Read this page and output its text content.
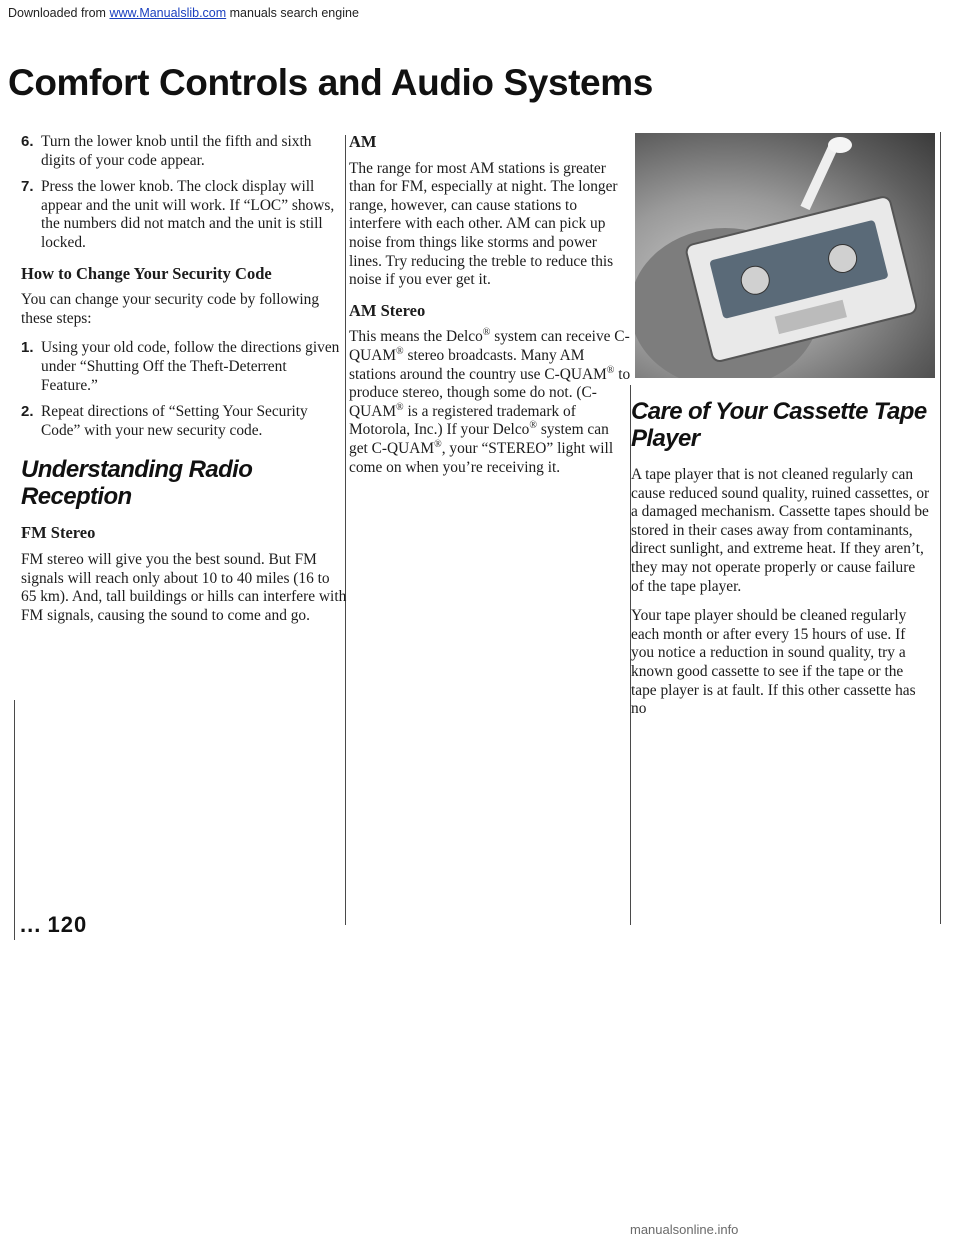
Downloaded from www.Manualslib.com manuals search engine
Comfort Controls and Audio Systems
6. Turn the lower knob until the fifth and sixth digits of your code appear.
7. Press the lower knob. The clock display will appear and the unit will work. If “LOC” shows, the numbers did not match and the unit is still locked.
How to Change Your Security Code

You can change your security code by following these steps:

1. Using your old code, follow the directions given under “Shutting Off the Theft-Deterrent Feature.”
2. Repeat directions of “Setting Your Security Code” with your new security code.
Understanding Radio Reception
FM Stereo

FM stereo will give you the best sound. But FM signals will reach only about 10 to 40 miles (16 to 65 km). And, tall buildings or hills can interfere with FM signals, causing the sound to come and go.

AM

The range for most AM stations is greater than for FM, especially at night. The longer range, however, can cause stations to interfere with each other. AM can pick up noise from things like storms and power lines. Try reducing the treble to reduce this noise if you ever get it.

AM Stereo

This means the Delco® system can receive C-QUAM® stereo broadcasts. Many AM stations around the country use C-QUAM® to produce stereo, though some do not. (C-QUAM® is a registered trademark of Motorola, Inc.) If your Delco® system can get C-QUAM®, your “STEREO” light will come on when you’re receiving it.

Care of Your Cassette Tape Player

A tape player that is not cleaned regularly can cause reduced sound quality, ruined cassettes, or a damaged mechanism. Cassette tapes should be stored in their cases away from contaminants, direct sunlight, and extreme heat. If they aren’t, they may not operate properly or cause failure of the tape player.

Your tape player should be cleaned regularly each month or after every 15 hours of use. If you notice a reduction in sound quality, try a known good cassette to see if the tape or the tape player is at fault. If this other cassette has no

... 120
manualsonline.info
